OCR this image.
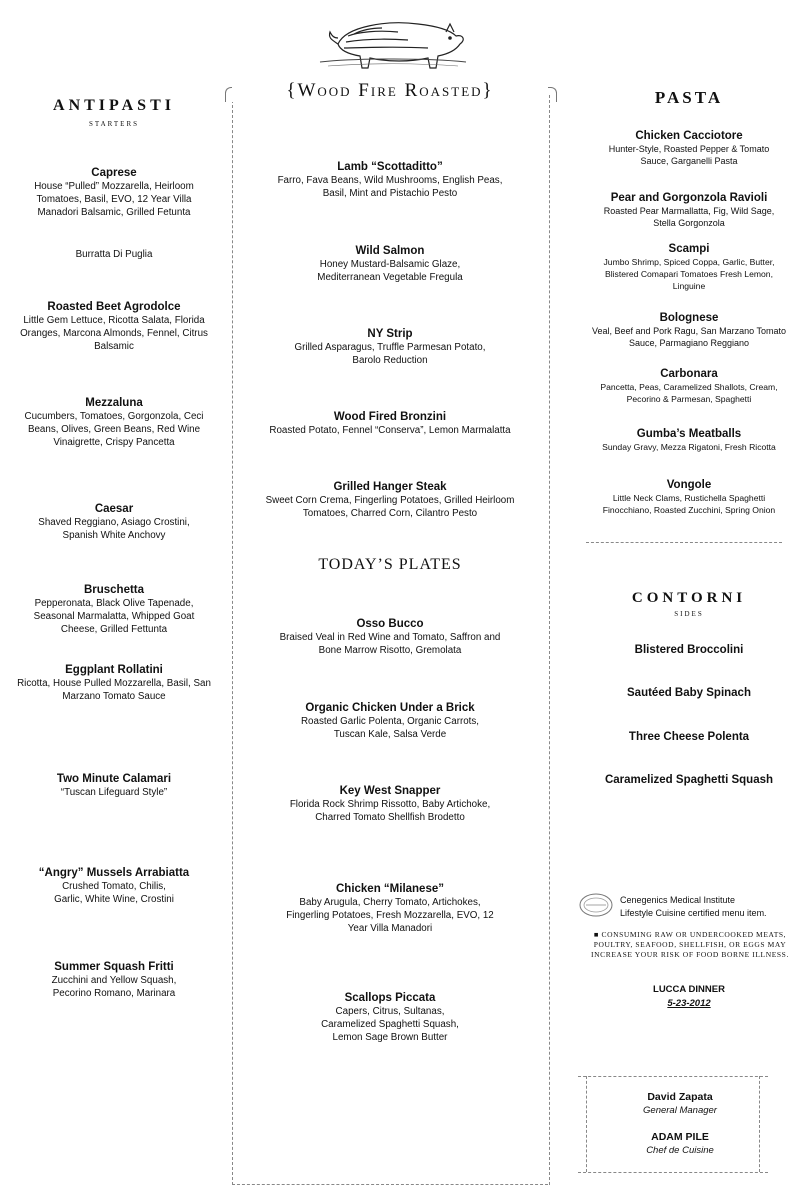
ANTIPASTI
STARTERS
Caprese
House “Pulled” Mozzarella, Heirloom Tomatoes, Basil, EVO, 12 Year Villa Manadori Balsamic, Grilled Fetunta
Burratta Di Puglia
Roasted Beet Agrodolce
Little Gem Lettuce, Ricotta Salata, Florida Oranges, Marcona Almonds, Fennel, Citrus Balsamic
Mezzaluna
Cucumbers, Tomatoes, Gorgonzola, Ceci Beans, Olives, Green Beans, Red Wine Vinaigrette, Crispy Pancetta
Caesar
Shaved Reggiano, Asiago Crostini, Spanish White Anchovy
Bruschetta
Pepperonata, Black Olive Tapenade, Seasonal Marmalatta, Whipped Goat Cheese, Grilled Fettunta
Eggplant Rollatini
Ricotta, House Pulled Mozzarella, Basil, San Marzano Tomato Sauce
Two Minute Calamari
“Tuscan Lifeguard Style”
“Angry” Mussels Arrabiatta
Crushed Tomato, Chilis, Garlic, White Wine, Crostini
Summer Squash Fritti
Zucchini and Yellow Squash, Pecorino Romano, Marinara
{Wood Fire Roasted}
Lamb “Scottaditto”
Farro, Fava Beans, Wild Mushrooms, English Peas, Basil, Mint and Pistachio Pesto
Wild Salmon
Honey Mustard-Balsamic Glaze, Mediterranean Vegetable Fregula
NY Strip
Grilled Asparagus, Truffle Parmesan Potato, Barolo Reduction
Wood Fired Bronzini
Roasted Potato, Fennel “Conserva”, Lemon Marmalatta
Grilled Hanger Steak
Sweet Corn Crema, Fingerling Potatoes, Grilled Heirloom Tomatoes, Charred Corn, Cilantro Pesto
TODAY’S PLATES
Osso Bucco
Braised Veal in Red Wine and Tomato, Saffron and Bone Marrow Risotto, Gremolata
Organic Chicken Under a Brick
Roasted Garlic Polenta, Organic Carrots, Tuscan Kale, Salsa Verde
Key West Snapper
Florida Rock Shrimp Rissotto, Baby Artichoke, Charred Tomato Shellfish Brodetto
Chicken “Milanese”
Baby Arugula, Cherry Tomato, Artichokes, Fingerling Potatoes, Fresh Mozzarella, EVO, 12 Year Villa Manadori
Scallops Piccata
Capers, Citrus, Sultanas, Caramelized Spaghetti Squash, Lemon Sage Brown Butter
PASTA
Chicken Cacciotore
Hunter-Style, Roasted Pepper & Tomato Sauce, Garganelli Pasta
Pear and Gorgonzola Ravioli
Roasted Pear Marmallatta, Fig, Wild Sage, Stella Gorgonzola
Scampi
Jumbo Shrimp, Spiced Coppa, Garlic, Butter, Blistered Comapari Tomatoes Fresh Lemon, Linguine
Bolognese
Veal, Beef and Pork Ragu, San Marzano Tomato Sauce, Parmagiano Reggiano
Carbonara
Pancetta, Peas, Caramelized Shallots, Cream, Pecorino & Parmesan, Spaghetti
Gumba’s Meatballs
Sunday Gravy, Mezza Rigatoni, Fresh Ricotta
Vongole
Little Neck Clams, Rustichella Spaghetti Finocchiano, Roasted Zucchini, Spring Onion
CONTORNI
SIDES
Blistered Broccolini
Sautéed Baby Spinach
Three Cheese Polenta
Caramelized Spaghetti Squash
Cenegenics Medical Institute
Lifestyle Cuisine certified menu item.
■ CONSUMING RAW OR UNDERCOOKED MEATS, POULTRY, SEAFOOD, SHELLFISH, OR EGGS MAY INCREASE YOUR RISK OF FOOD BORNE ILLNESS.
LUCCA DINNER
5-23-2012
David Zapata
General Manager
ADAM PILE
Chef de Cuisine
